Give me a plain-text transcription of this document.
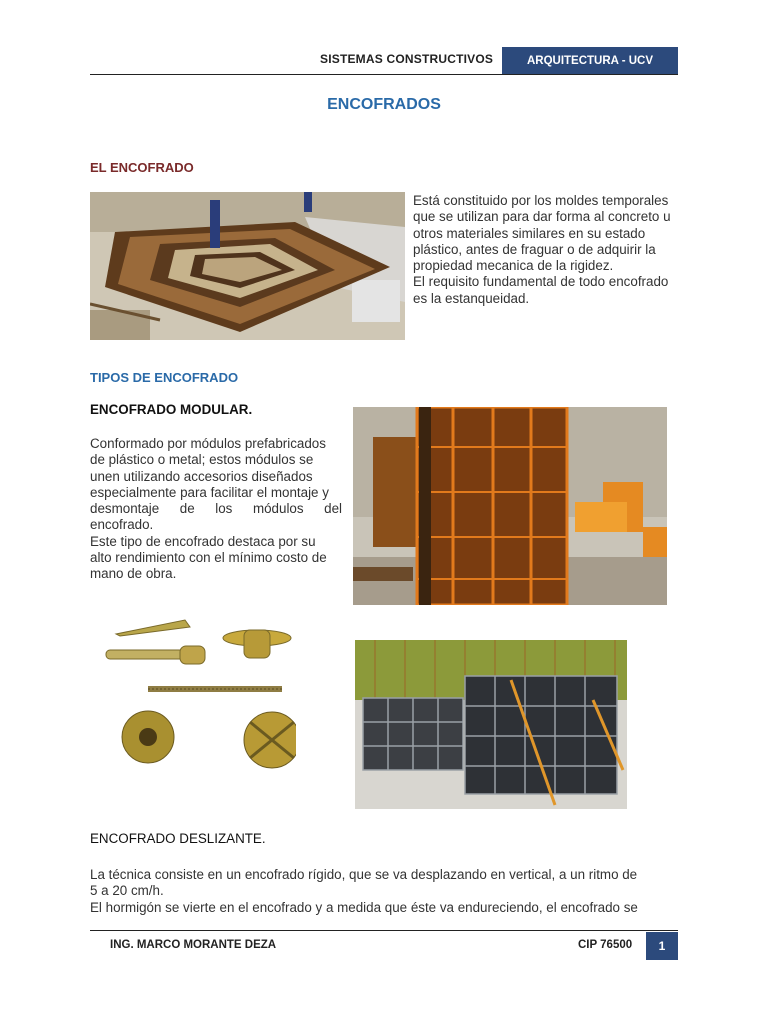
SISTEMAS CONSTRUCTIVOS	ARQUITECTURA - UCV
ENCOFRADOS
EL ENCOFRADO
Está constituido por los moldes temporales
que se utilizan para dar forma al concreto u
otros materiales similares en su estado
plástico, antes de fraguar o de adquirir la
propiedad mecanica de la rigidez.
El requisito fundamental de todo encofrado
es la estanqueidad.
TIPOS DE ENCOFRADO
ENCOFRADO MODULAR.
Conformado por módulos prefabricados
de plástico o metal; estos módulos se
unen utilizando accesorios diseñados
especialmente para facilitar el montaje y
desmontaje de los módulos del
encofrado.
Este tipo de encofrado destaca por su
alto rendimiento con el mínimo costo de
mano de obra.
ENCOFRADO DESLIZANTE.
La técnica consiste en un encofrado rígido, que se va desplazando en vertical, a un ritmo de
5 a 20 cm/h.
El hormigón se vierte en el encofrado y a medida que éste va endureciendo, el encofrado se
ING. MARCO MORANTE DEZA	CIP 76500 1
